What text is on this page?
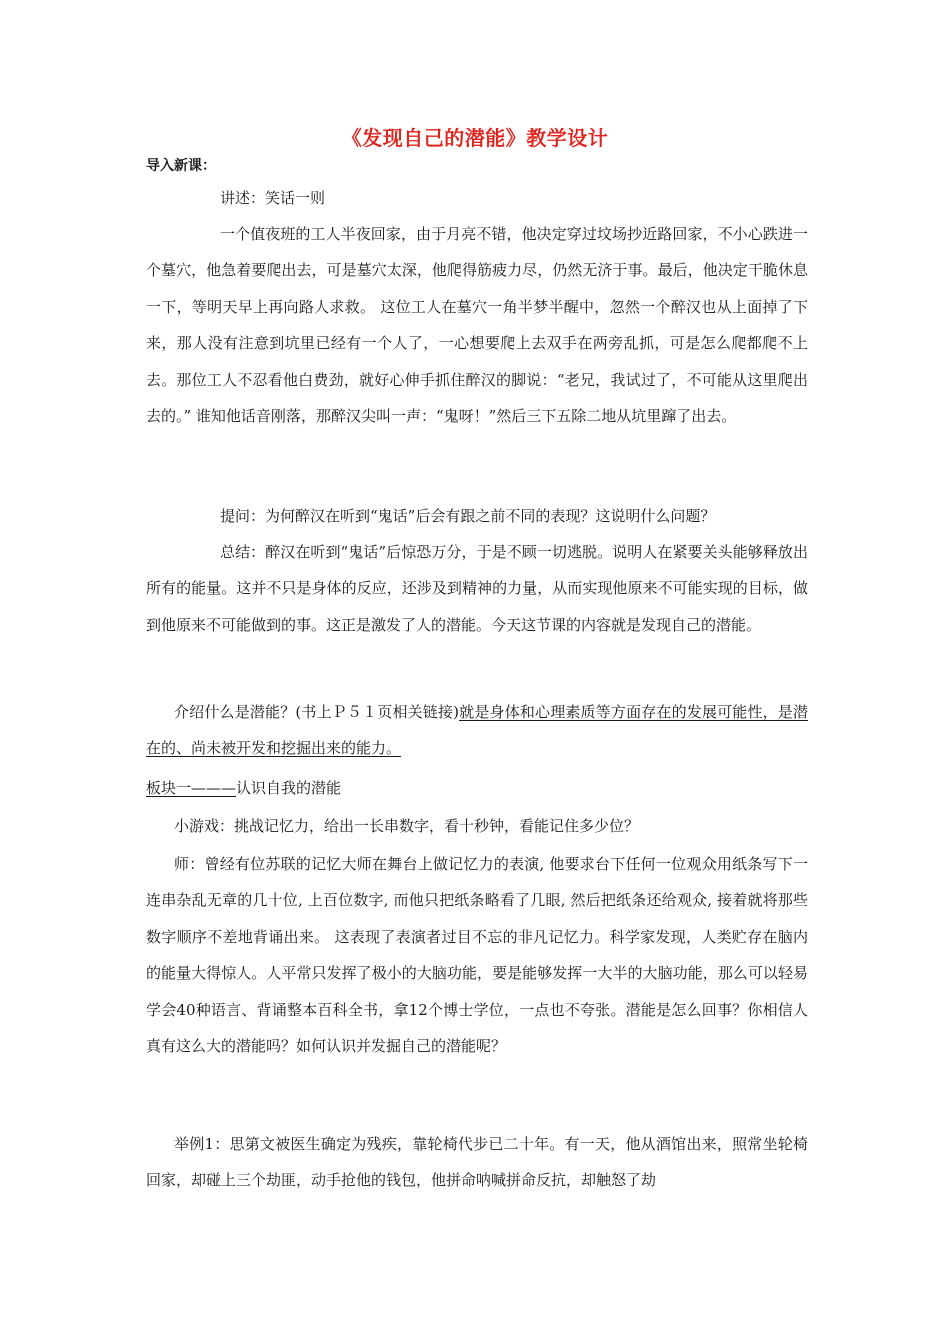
《发现自己的潜能》教学设计
导入新课：
讲述：笑话一则
一个值夜班的工人半夜回家，由于月亮不错，他决定穿过坟场抄近路回家，不小心跌进一个墓穴，他急着要爬出去，可是墓穴太深，他爬得筋疲力尽，仍然无济于事。最后，他决定干脆休息一下，等明天早上再向路人求救。 这位工人在墓穴一角半梦半醒中，忽然一个醉汉也从上面掉了下来，那人没有注意到坑里已经有一个人了，一心想要爬上去双手在两旁乱抓，可是怎么爬都爬不上去。那位工人不忍看他白费劲，就好心伸手抓住醉汉的脚说：“老兄，我试过了，不可能从这里爬出去的。” 谁知他话音刚落，那醉汉尖叫一声：“鬼呀！”然后三下五除二地从坑里蹿了出去。
提问：为何醉汉在听到“鬼话”后会有跟之前不同的表现？这说明什么问题？
总结：醉汉在听到“鬼话”后惊恐万分，于是不顾一切逃脱。说明人在紧要关头能够释放出所有的能量。这并不只是身体的反应，还涉及到精神的力量，从而实现他原来不可能实现的目标，做到他原来不可能做到的事。这正是激发了人的潜能。今天这节课的内容就是发现自己的潜能。
介绍什么是潜能？(书上Ｐ５１页相关链接)就是身体和心理素质等方面存在的发展可能性，是潜在的、尚未被开发和挖掘出来的能力。
板块一———认识自我的潜能
小游戏：挑战记忆力，给出一长串数字，看十秒钟，看能记住多少位？
师：曾经有位苏联的记忆大师在舞台上做记忆力的表演, 他要求台下任何一位观众用纸条写下一连串杂乱无章的几十位, 上百位数字, 而他只把纸条略看了几眼, 然后把纸条还给观众, 接着就将那些数字顺序不差地背诵出来。 这表现了表演者过目不忘的非凡记忆力。科学家发现，人类贮存在脑内的能量大得惊人。人平常只发挥了极小的大脑功能，要是能够发挥一大半的大脑功能，那么可以轻易学会40种语言、背诵整本百科全书，拿12个博士学位，一点也不夸张。潜能是怎么回事？你相信人真有这么大的潜能吗？如何认识并发掘自己的潜能呢？
举例1：思第文被医生确定为残疾，靠轮椅代步已二十年。有一天，他从酒馆出来，照常坐轮椅回家，却碰上三个劫匪，动手抢他的钱包，他拼命呐喊拼命反抗，却触怒了劫
